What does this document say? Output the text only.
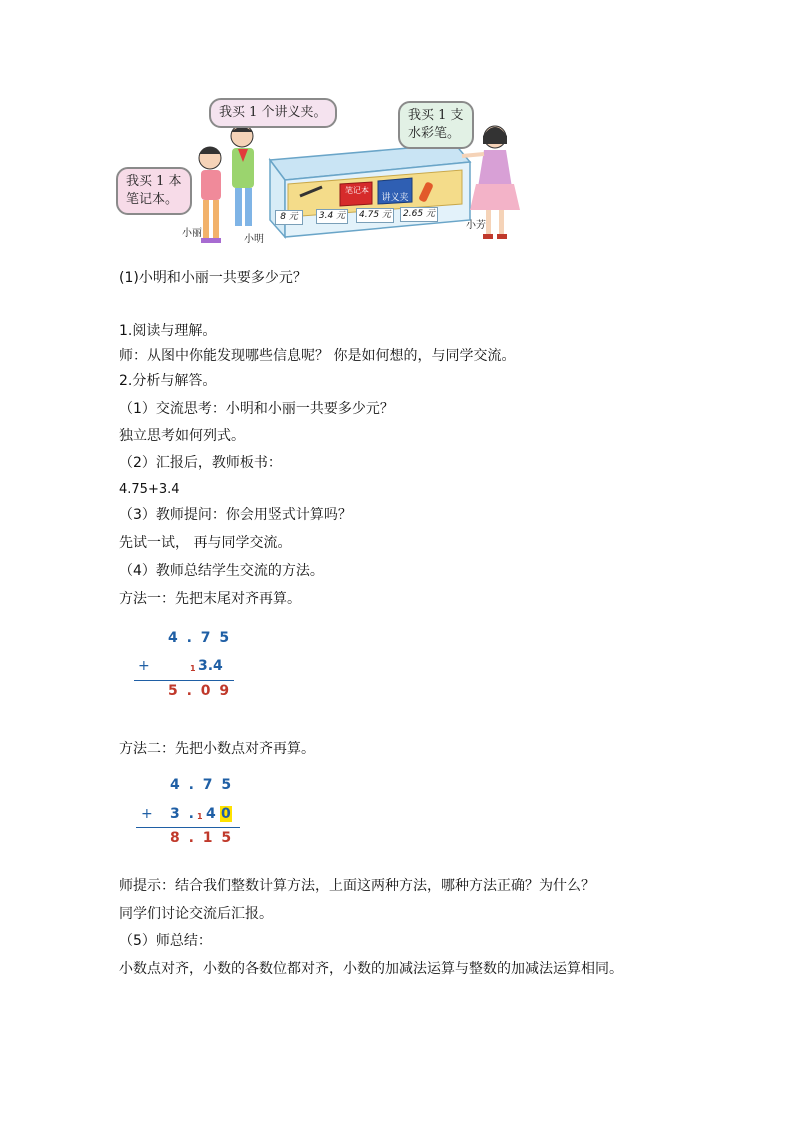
我买 1 个讲义夹。	我买 1 支
水彩笔。
我买 1 本
笔记本。
笔记本
讲义夹
8 元	3.4 元	4.75 元	2.65 元
小丽
小明
小芳
(1)小明和小丽一共要多少元？
1.阅读与理解。
师：从图中你能发现哪些信息呢？ 你是如何想的，与同学交流。
2.分析与解答。
（1）交流思考：小明和小丽一共要多少元？
独立思考如何列式。
（2）汇报后，教师板书：
4.75+3.4
（3）教师提问：你会用竖式计算吗？
先试一试， 再与同学交流。
（4）教师总结学生交流的方法。
方法一：先把末尾对齐再算。
4 . 7 5
+	1 3.4
5 . 0 9
方法二：先把小数点对齐再算。
4 . 7 5
+ 3 . 1 4 0
8 . 1 5
师提示：结合我们整数计算方法，上面这两种方法，哪种方法正确？为什么？
同学们讨论交流后汇报。
（5）师总结：
小数点对齐，小数的各数位都对齐，小数的加减法运算与整数的加减法运算相同。
